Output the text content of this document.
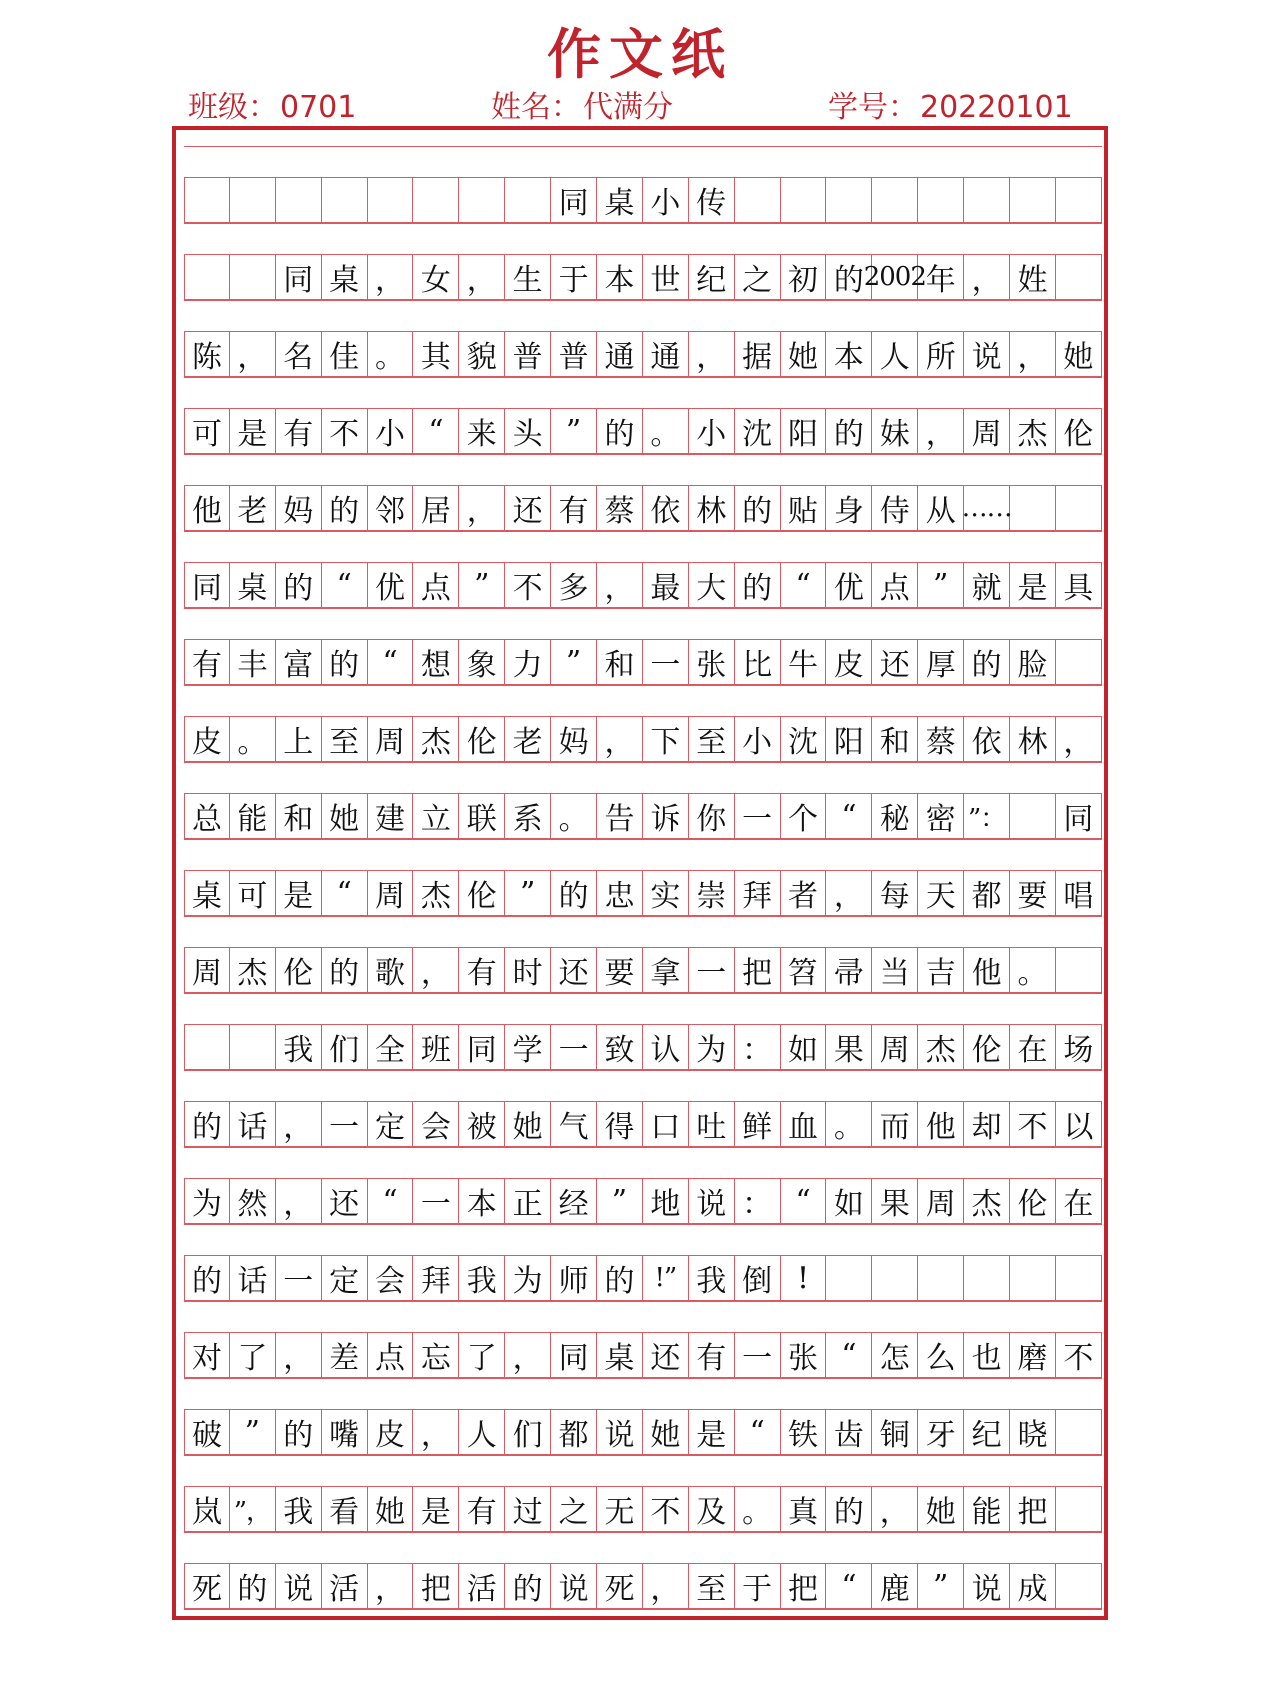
作文纸
班级：0701	姓名：代满分	学号：20220101
同 桌 小 传
同 桌 ， 女 ， 生 于 本 世 纪 之 初 的 2002 年 ， 姓
陈 ， 名 佳 。 其 貌 普 普 通 通 ， 据 她 本 人 所 说 ， 她
可 是 有 不 小 “ 来 头 ” 的 。 小 沈 阳 的 妹 ， 周 杰 伦
他 老 妈 的 邻 居 ， 还 有 蔡 依 林 的 贴 身 侍 从 ……
同 桌 的 “ 优 点 ” 不 多 ， 最 大 的 “ 优 点 ” 就 是 具
有 丰 富 的 “ 想 象 力 ” 和 一 张 比 牛 皮 还 厚 的 脸
皮 。 上 至 周 杰 伦 老 妈 ， 下 至 小 沈 阳 和 蔡 依 林 ，
总 能 和 她 建 立 联 系 。 告 诉 你 一 个 “ 秘 密 ”： 同
桌 可 是 “ 周 杰 伦 ” 的 忠 实 崇 拜 者 ， 每 天 都 要 唱
周 杰 伦 的 歌 ， 有 时 还 要 拿 一 把 笤 帚 当 吉 他 。
我 们 全 班 同 学 一 致 认 为 ： 如 果 周 杰 伦 在 场
的 话 ， 一 定 会 被 她 气 得 口 吐 鲜 血 。 而 他 却 不 以
为 然 ， 还 “ 一 本 正 经 ” 地 说 ： “ 如 果 周 杰 伦 在
的 话 一 定 会 拜 我 为 师 的 !” 我 倒 !
对 了 ， 差 点 忘 了 ， 同 桌 还 有 一 张 “ 怎 么 也 磨 不
破 ” 的 嘴 皮 ， 人 们 都 说 她 是 “ 铁 齿 铜 牙 纪 晓
岚 ”， 我 看 她 是 有 过 之 无 不 及 。 真 的 ， 她 能 把
死 的 说 活 ， 把 活 的 说 死 ， 至 于 把 “ 鹿 ” 说 成
